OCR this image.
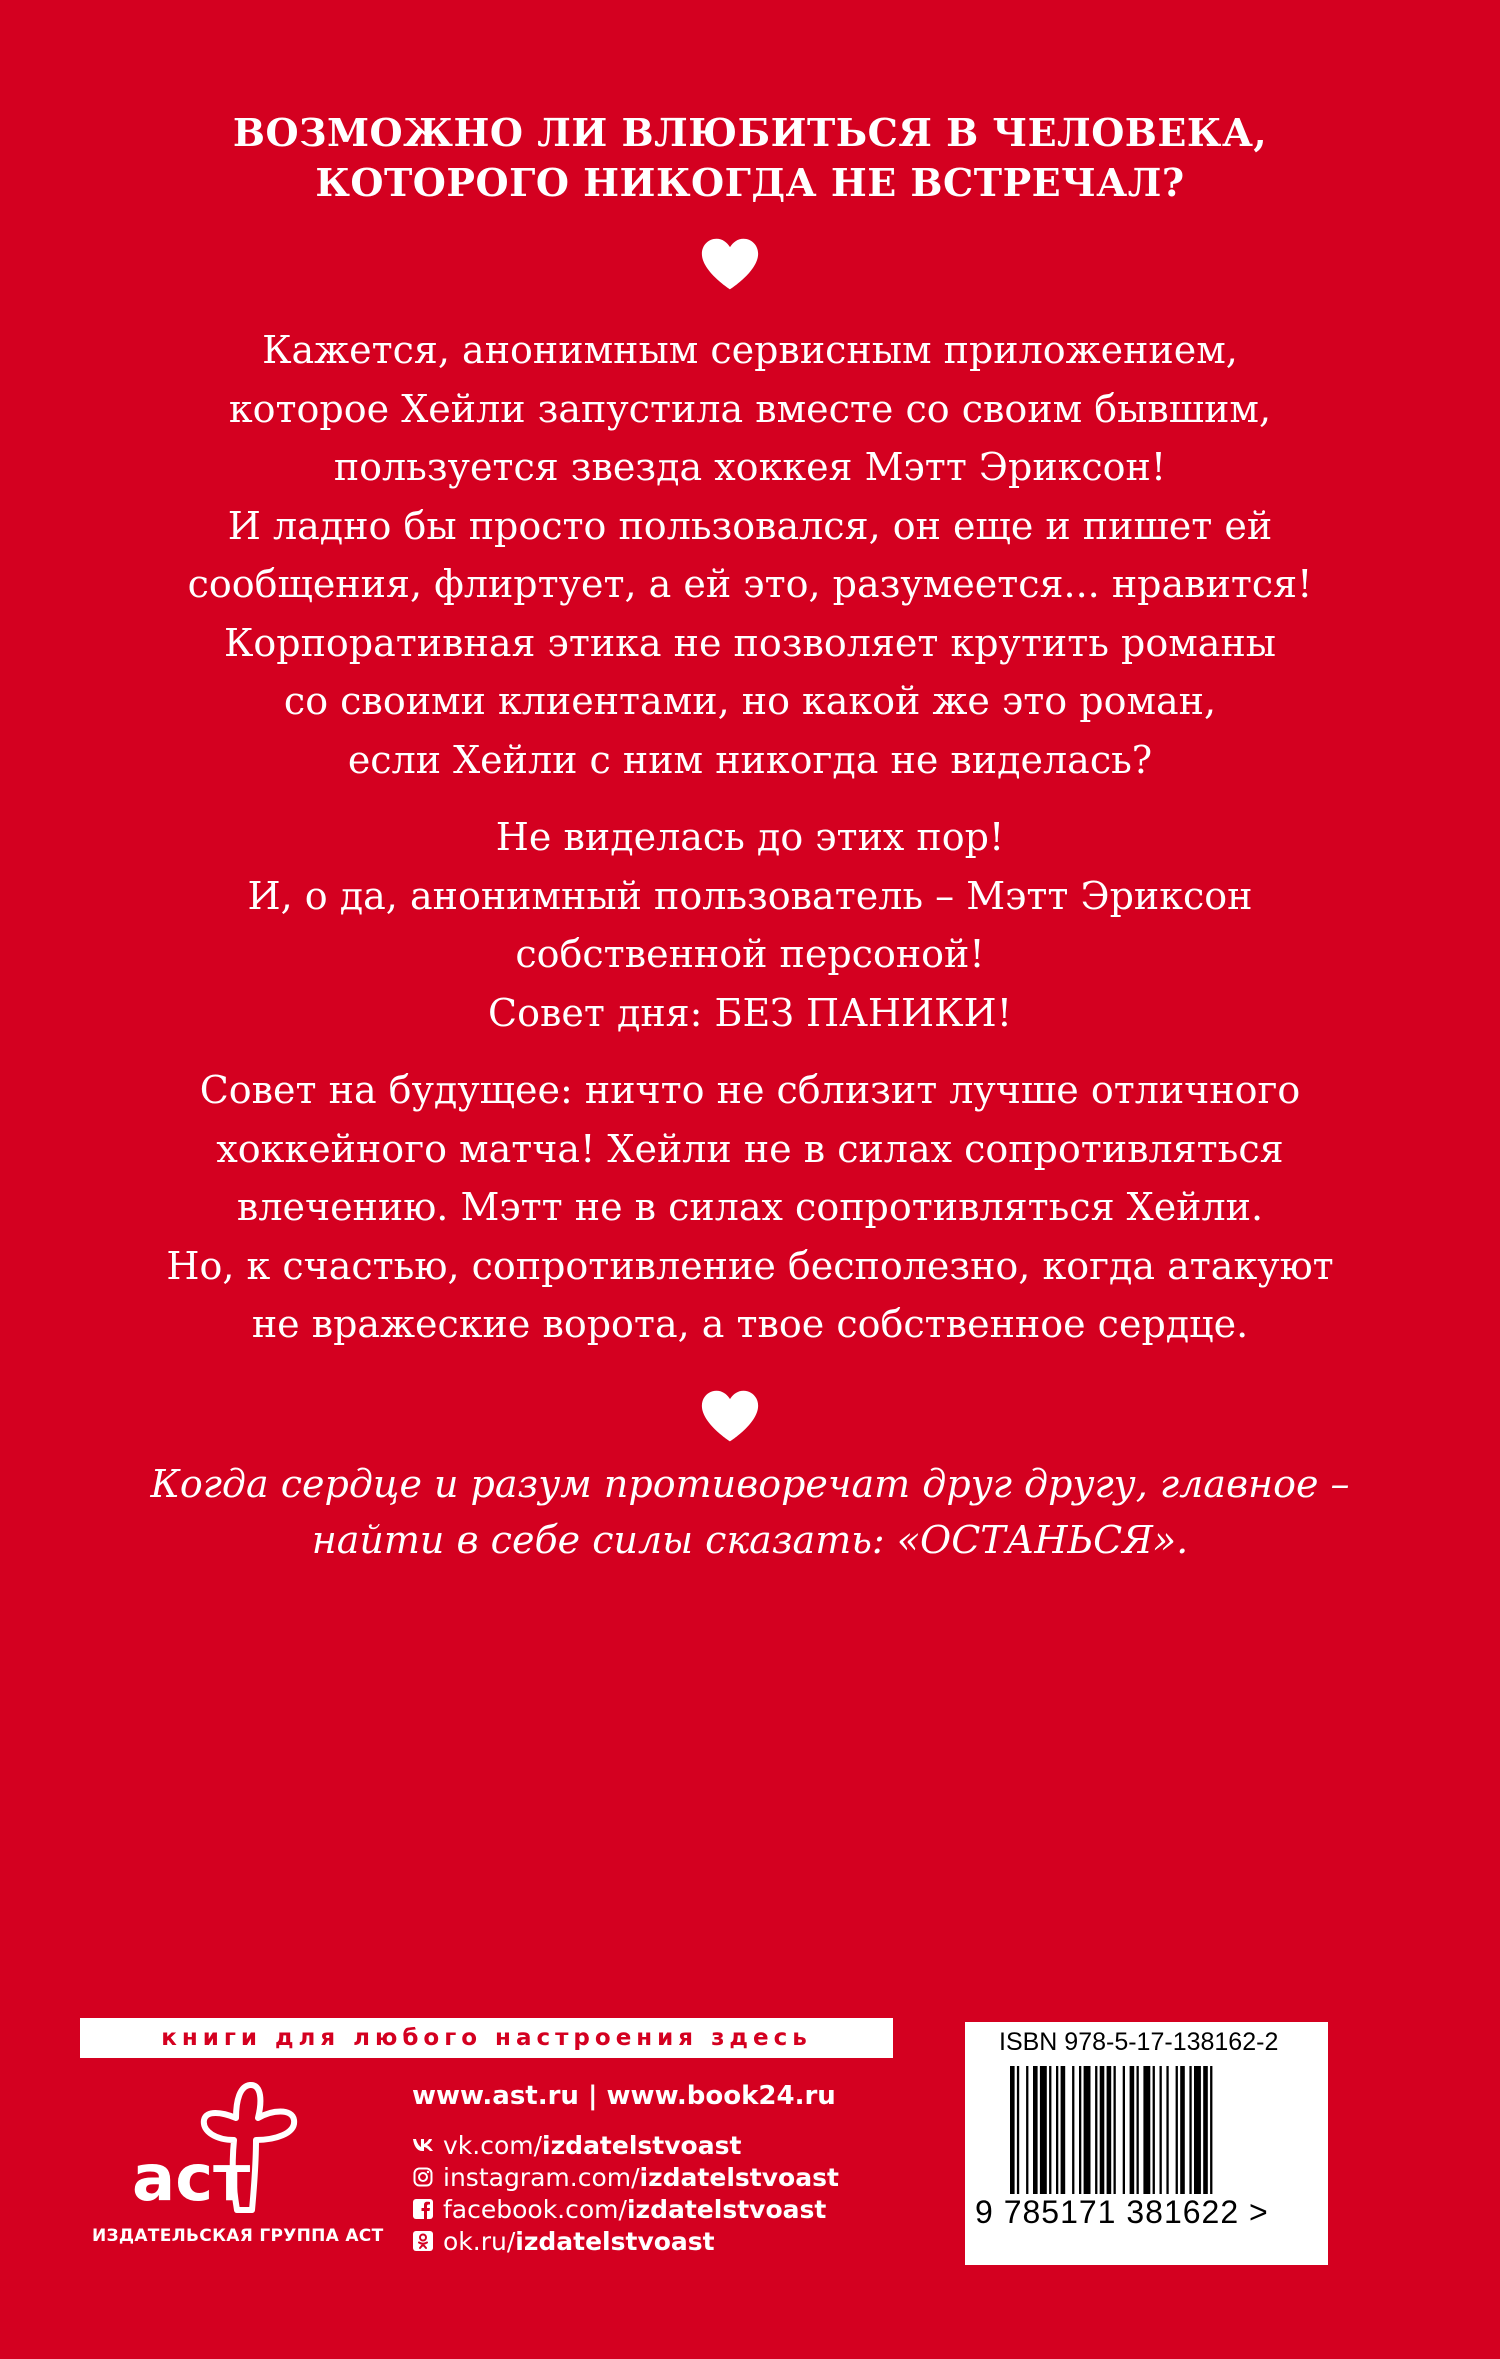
ВОЗМОЖНО ЛИ ВЛЮБИТЬСЯ В ЧЕЛОВЕКА,
КОТОРОГО НИКОГДА НЕ ВСТРЕЧАЛ?
Кажется, анонимным сервисным приложением,
которое Хейли запустила вместе со своим бывшим,
пользуется звезда хоккея Мэтт Эриксон!
И ладно бы просто пользовался, он еще и пишет ей
сообщения, флиртует, а ей это, разумеется... нравится!
Корпоративная этика не позволяет крутить романы
со своими клиентами, но какой же это роман,
если Хейли с ним никогда не виделась?
Не виделась до этих пор!
И, о да, анонимный пользователь – Мэтт Эриксон
собственной персоной!
Совет дня: БЕЗ ПАНИКИ!
Совет на будущее: ничто не сблизит лучше отличного
хоккейного матча! Хейли не в силах сопротивляться
влечению. Мэтт не в силах сопротивляться Хейли.
Но, к счастью, сопротивление бесполезно, когда атакуют
не вражеские ворота, а твое собственное сердце.
Когда сердце и разум противоречат друг другу, главное –
найти в себе силы сказать: «ОСТАНЬСЯ».
книги для любого настроения здесь
аст
ИЗДАТЕЛЬСКАЯ ГРУППА АСТ
www.ast.ru | www.book24.ru
vk.com/ izdatelstvoast
instagram.com/ izdatelstvoast
facebook.com/ izdatelstvoast
ok.ru/ izdatelstvoast
ISBN 978-5-17-138162-2
9 785171 381622 >
